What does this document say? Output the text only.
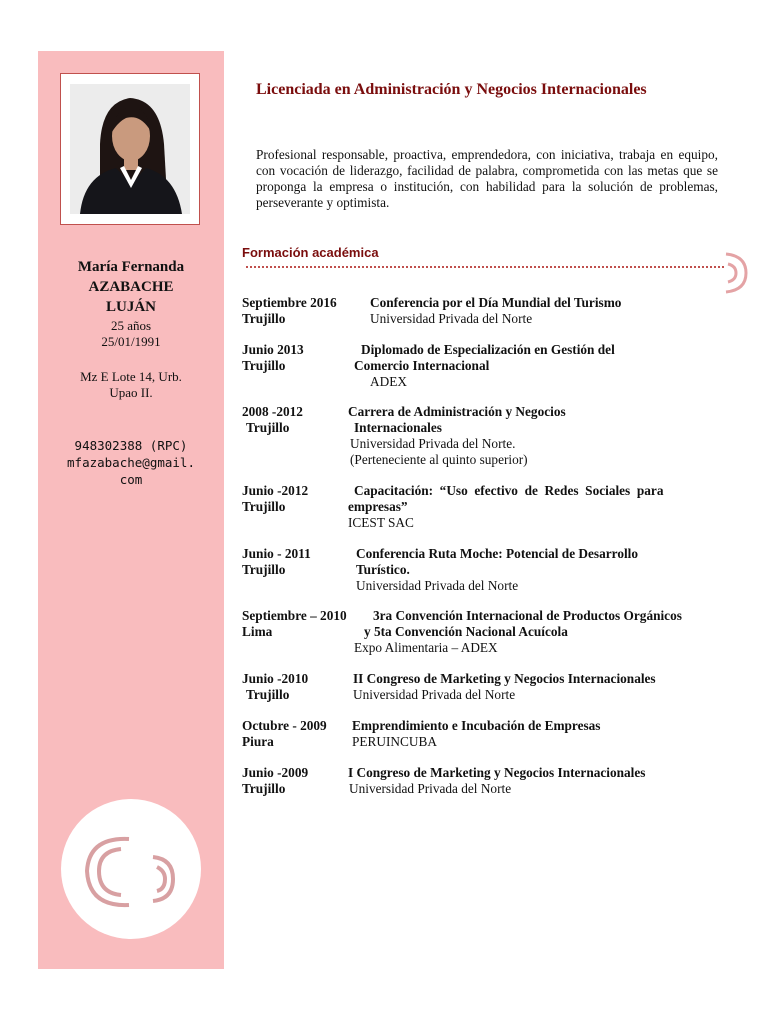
María Fernanda
AZABACHE
LUJÁN
25 años
25/01/1991
Mz E Lote 14, Urb.
Upao II.
948302388 (RPC)
mfazabache@gmail.
com
Licenciada en Administración y Negocios Internacionales
Profesional responsable, proactiva, emprendedora, con iniciativa, trabaja en equipo, con vocación de liderazgo, facilidad de palabra, comprometida con las metas que se proponga la empresa o institución, con habilidad para la solución de problemas, perseverante y optimista.
Formación académica
Septiembre 2016	Conferencia por el Día Mundial del Turismo
Trujillo	Universidad Privada del Norte
Junio 2013	Diplomado de Especialización en Gestión del
Trujillo	Comercio Internacional
ADEX
2008 -2012	Carrera de Administración y Negocios
Trujillo	Internacionales
Universidad Privada del Norte.
(Perteneciente al quinto superior)
Junio -2012	Capacitación:  “Uso  efectivo  de  Redes  Sociales  para
Trujillo	empresas”
ICEST SAC
Junio - 2011	Conferencia Ruta Moche: Potencial de Desarrollo
Trujillo	Turístico.
Universidad Privada del Norte
Septiembre – 2010 3ra Convención Internacional de Productos Orgánicos
Lima	y 5ta Convención Nacional Acuícola
Expo Alimentaria – ADEX
Junio -2010	II Congreso de Marketing y Negocios Internacionales
Trujillo	Universidad Privada del Norte
Octubre - 2009 Emprendimiento e Incubación de Empresas
Piura	PERUINCUBA
Junio -2009	I Congreso de Marketing y Negocios Internacionales
Trujillo	Universidad Privada del Norte
